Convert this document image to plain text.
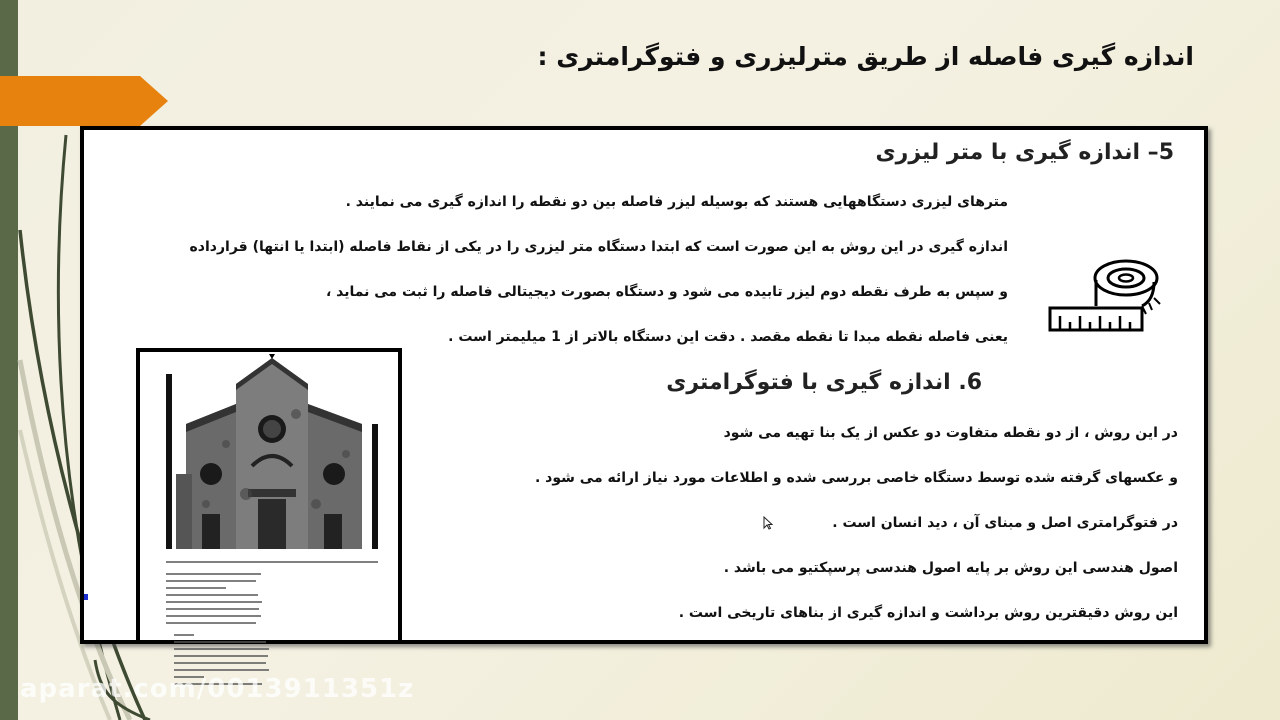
اندازه گیری فاصله از طریق مترلیزری و فتوگرامتری :
5– اندازه گیری با متر لیزری
مترهای لیزری دستگاههایی هستند که بوسیله لیزر فاصله بین دو نقطه را اندازه گیری می نمایند .
اندازه گیری در این روش به این صورت است که ابتدا دستگاه متر لیزری را در یکی از نقاط فاصله (ابتدا یا انتها) قرارداده
و سپس به طرف نقطه دوم لیزر تابیده می شود و دستگاه بصورت دیجیتالی فاصله را ثبت می نماید ،
یعنی فاصله نقطه مبدا تا نقطه مقصد . دقت این دستگاه بالاتر از 1 میلیمتر است .
6. اندازه گیری با فتوگرامتری
در این روش ، از دو نقطه متفاوت دو عکس از یک بنا تهیه می شود
و عکسهای گرفته شده توسط دستگاه خاصی بررسی شده و اطلاعات مورد نیاز ارائه می شود .
در فتوگرامتری اصل و مبنای آن ، دید انسان است .
اصول هندسی این روش بر پایه اصول هندسی پرسپکتیو می باشد .
این روش دقیقترین روش برداشت و اندازه گیری از بناهای تاریخی است .

aparat.com/0013911351z
